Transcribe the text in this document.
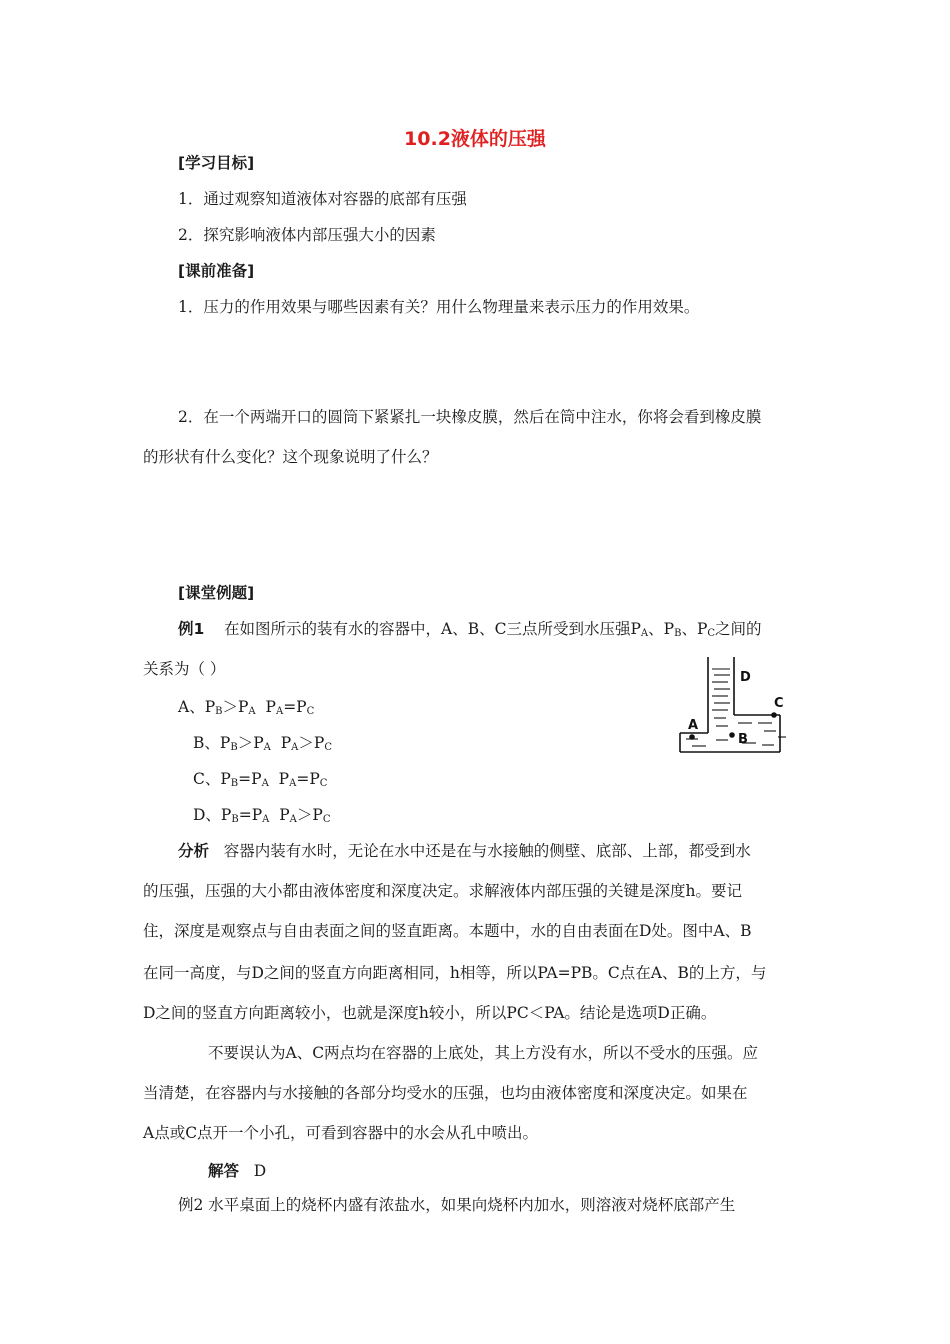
10.2液体的压强
[学习目标]
1．通过观察知道液体对容器的底部有压强
2．探究影响液体内部压强大小的因素
[课前准备]
1．压力的作用效果与哪些因素有关？用什么物理量来表示压力的作用效果。
2．在一个两端开口的圆筒下紧紧扎一块橡皮膜，然后在筒中注水，你将会看到橡皮膜
的形状有什么变化？这个现象说明了什么？
[课堂例题]
例1 在如图所示的装有水的容器中，A、B、C三点所受到水压强$P_A$、$P_B$、$P_C$之间的
关系为（ ）
A、$P_B>P_A$  $P_A=P_C$
B、$P_B>P_A$  $P_A>P_C$
C、$P_B=P_A$  $P_A=P_C$
D、$P_B=P_A$  $P_A>P_C$
D
C
A
B
分析 容器内装有水时，无论在水中还是在与水接触的侧壁、底部、上部，都受到水
的压强，压强的大小都由液体密度和深度决定。求解液体内部压强的关键是深度h。要记
住，深度是观察点与自由表面之间的竖直距离。本题中，水的自由表面在D处。图中A、B
在同一高度，与D之间的竖直方向距离相同，h相等，所以PA=PB。C点在A、B的上方，与
D之间的竖直方向距离较小，也就是深度h较小，所以PC＜PA。结论是选项D正确。
不要误认为A、C两点均在容器的上底处，其上方没有水，所以不受水的压强。应
当清楚，在容器内与水接触的各部分均受水的压强，也均由液体密度和深度决定。如果在
A点或C点开一个小孔，可看到容器中的水会从孔中喷出。
解答 D
例2 水平桌面上的烧杯内盛有浓盐水，如果向烧杯内加水，则溶液对烧杯底部产生
